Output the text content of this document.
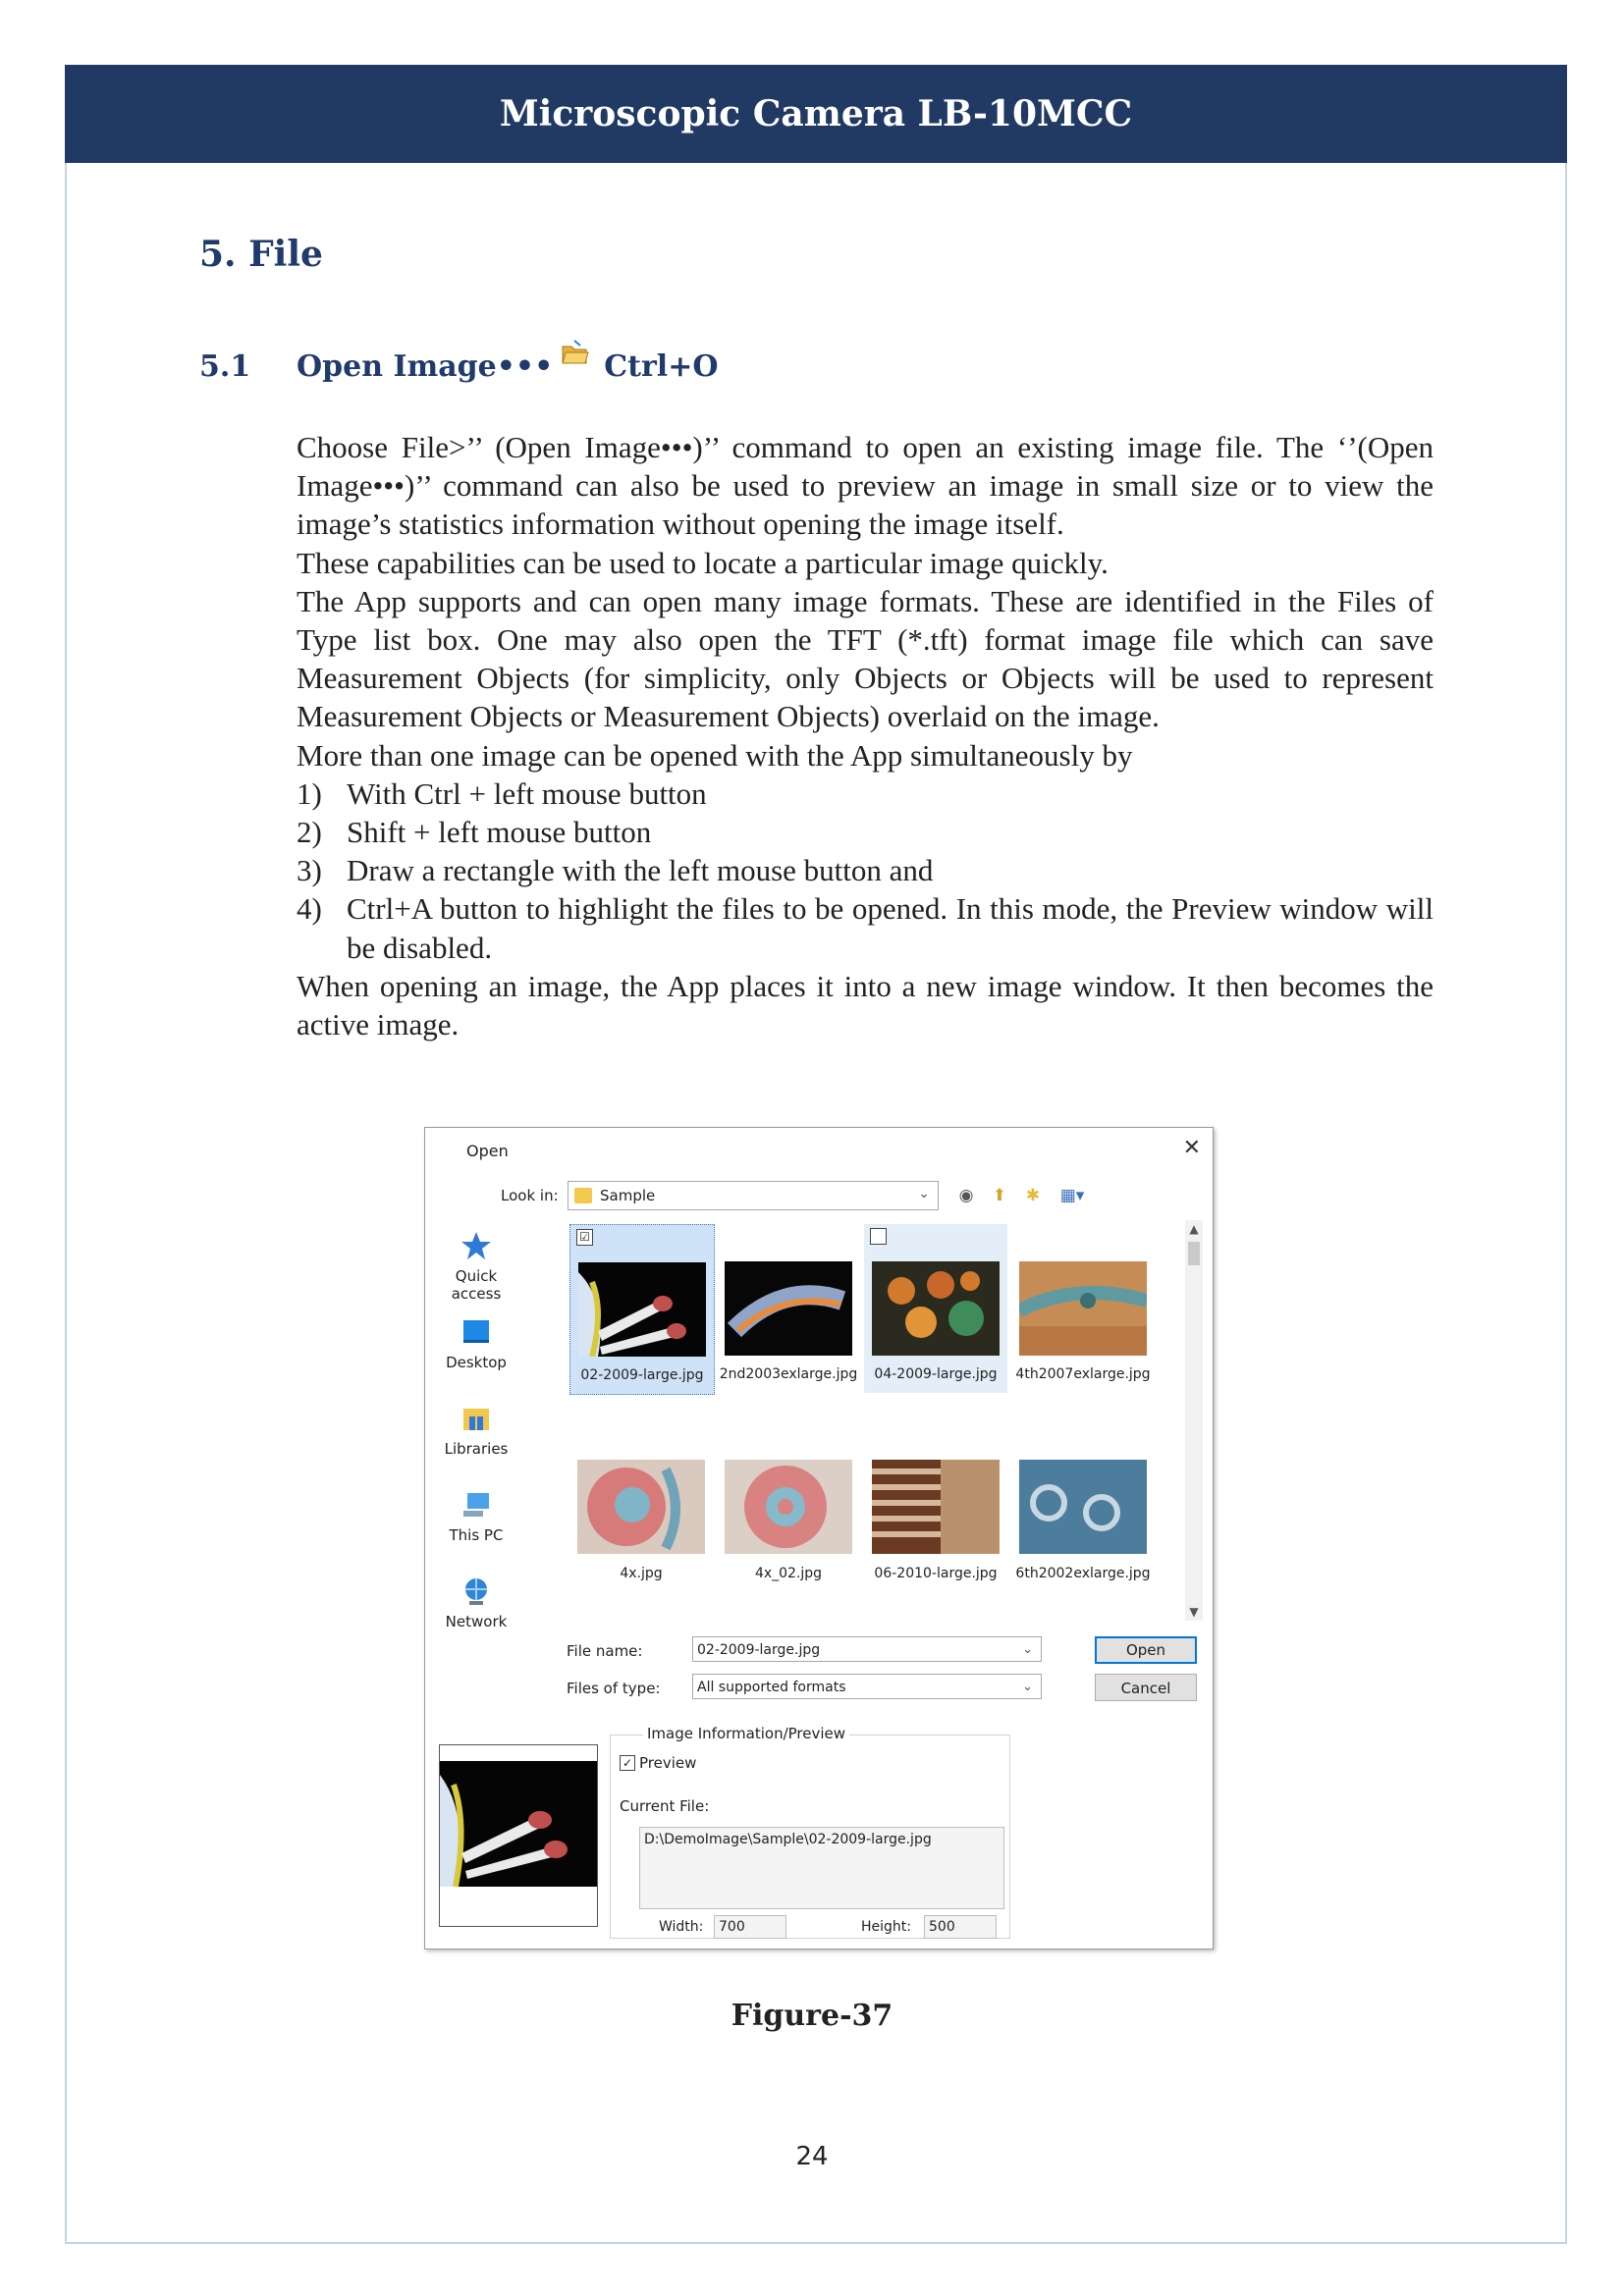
Microscopic Camera LB-10MCC
5. File
5.1 Open Image••• Ctrl+O

Choose File>’’ (Open Image•••)’’ command to open an existing image file. The ‘’(Open Image•••)’’ command can also be used to preview an image in small size or to view the image’s statistics information without opening the image itself.

These capabilities can be used to locate a particular image quickly.

The App supports and can open many image formats. These are identified in the Files of Type list box. One may also open the TFT (*.tft) format image file which can save Measurement Objects (for simplicity, only Objects or Objects will be used to represent Measurement Objects or Measurement Objects) overlaid on the image.

More than one image can be opened with the App simultaneously by

1) With Ctrl + left mouse button
2) Shift + left mouse button
3) Draw a rectangle with the left mouse button and
4) Ctrl+A button to highlight the files to be opened. In this mode, the Preview window will be disabled.

When opening an image, the App places it into a new image window. It then becomes the active image.

Open	✕
Look in:	Sample	⌄ ◉ ⬆ ✱ ▦▾
Quick access
Desktop
Libraries
This PC
Network
☑
02-2009-large.jpg	2nd2003exlarge.jpg	04-2009-large.jpg	4th2007exlarge.jpg
4x.jpg	4x_02.jpg	06-2010-large.jpg	6th2002exlarge.jpg
▲
▼
File name:	02-2009-large.jpg	⌄
Files of type:	All supported formats	⌄
Open
Cancel
Image Information/Preview
✓ Preview
Current File:
D:\DemoImage\Sample\02-2009-large.jpg
Width:	700	Height:	500
Figure-37
24
